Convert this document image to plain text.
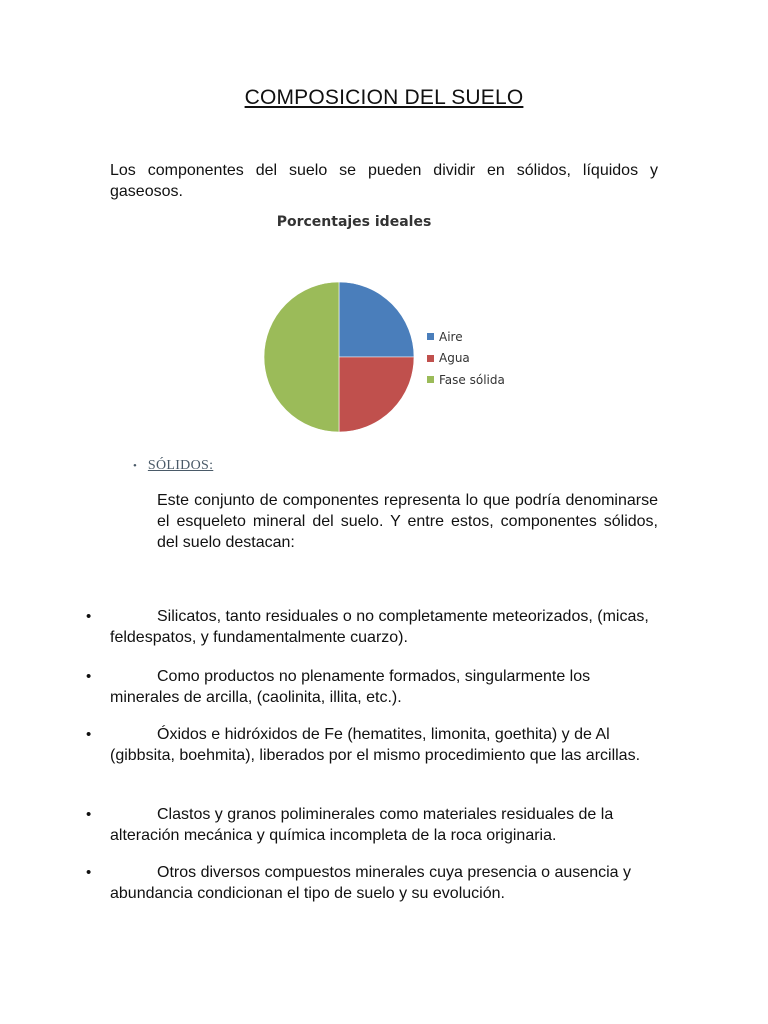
COMPOSICION DEL SUELO
Los componentes del suelo se pueden dividir en sólidos, líquidos y gaseosos.
Porcentajes ideales
Aire
Agua
Fase sólida
• SÓLIDOS:
Este conjunto de componentes representa lo que podría denominarse el esqueleto mineral del suelo. Y entre estos, componentes sólidos, del suelo destacan:
•	Silicatos, tanto residuales o no completamente meteorizados, (micas, feldespatos, y fundamentalmente cuarzo).
•	Como productos no plenamente formados, singularmente los minerales de arcilla, (caolinita, illita, etc.).
•	Óxidos e hidróxidos de Fe (hematites, limonita, goethita) y de Al (gibbsita, boehmita), liberados por el mismo procedimiento que las arcillas.
•	Clastos y granos poliminerales como materiales residuales de la alteración mecánica y química incompleta de la roca originaria.
•	Otros diversos compuestos minerales cuya presencia o ausencia y abundancia condicionan el tipo de suelo y su evolución.
